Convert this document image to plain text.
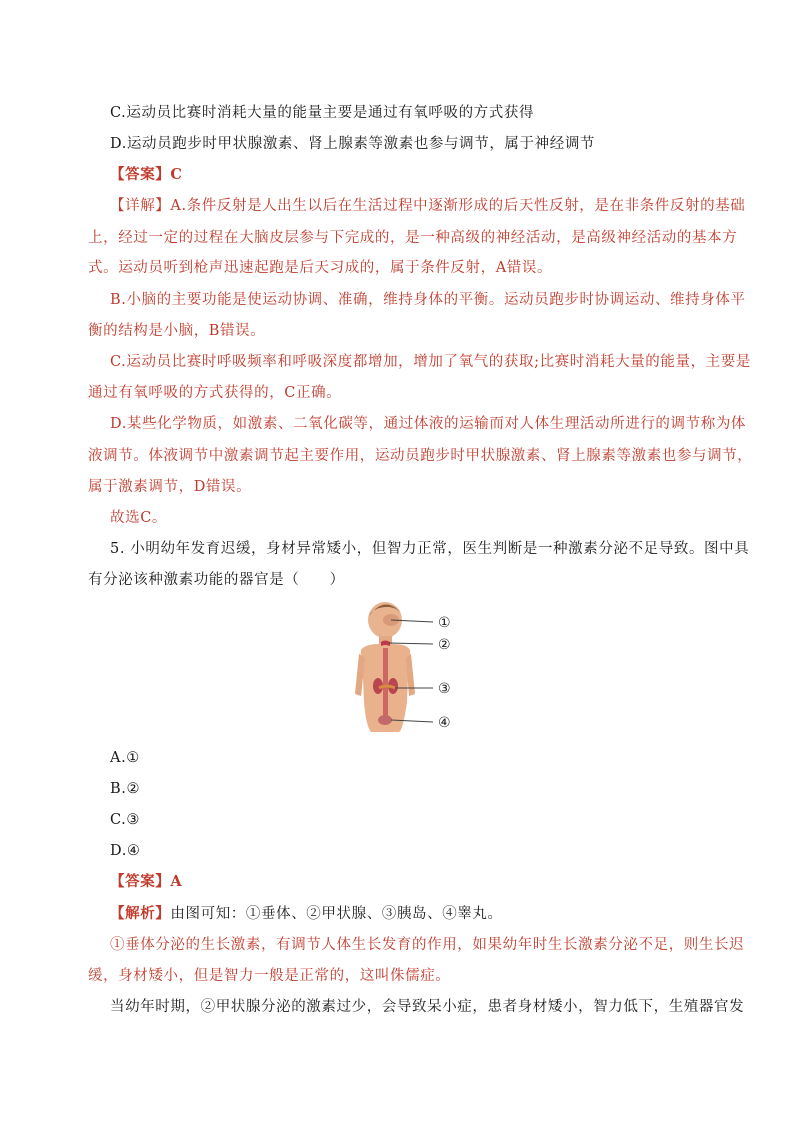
C.运动员比赛时消耗大量的能量主要是通过有氧呼吸的方式获得
D.运动员跑步时甲状腺激素、肾上腺素等激素也参与调节，属于神经调节
【答案】C
【详解】A.条件反射是人出生以后在生活过程中逐渐形成的后天性反射，是在非条件反射的基础
上，经过一定的过程在大脑皮层参与下完成的，是一种高级的神经活动，是高级神经活动的基本方
式。运动员听到枪声迅速起跑是后天习成的，属于条件反射，A错误。
B.小脑的主要功能是使运动协调、准确，维持身体的平衡。运动员跑步时协调运动、维持身体平
衡的结构是小脑，B错误。
C.运动员比赛时呼吸频率和呼吸深度都增加，增加了氧气的获取;比赛时消耗大量的能量，主要是
通过有氧呼吸的方式获得的，C正确。
D.某些化学物质，如激素、二氧化碳等，通过体液的运输而对人体生理活动所进行的调节称为体
液调节。体液调节中激素调节起主要作用，运动员跑步时甲状腺激素、肾上腺素等激素也参与调节，
属于激素调节，D错误。
故选C。
5. 小明幼年发育迟缓，身材异常矮小，但智力正常，医生判断是一种激素分泌不足导致。图中具
有分泌该种激素功能的器官是（　　）
①
②
③
④
A.①
B.②
C.③
D.④
【答案】A
【解析】由图可知：①垂体、②甲状腺、③胰岛、④睾丸。
①垂体分泌的生长激素，有调节人体生长发育的作用，如果幼年时生长激素分泌不足，则生长迟
缓，身材矮小，但是智力一般是正常的，这叫侏儒症。
当幼年时期，②甲状腺分泌的激素过少，会导致呆小症，患者身材矮小，智力低下，生殖器官发
